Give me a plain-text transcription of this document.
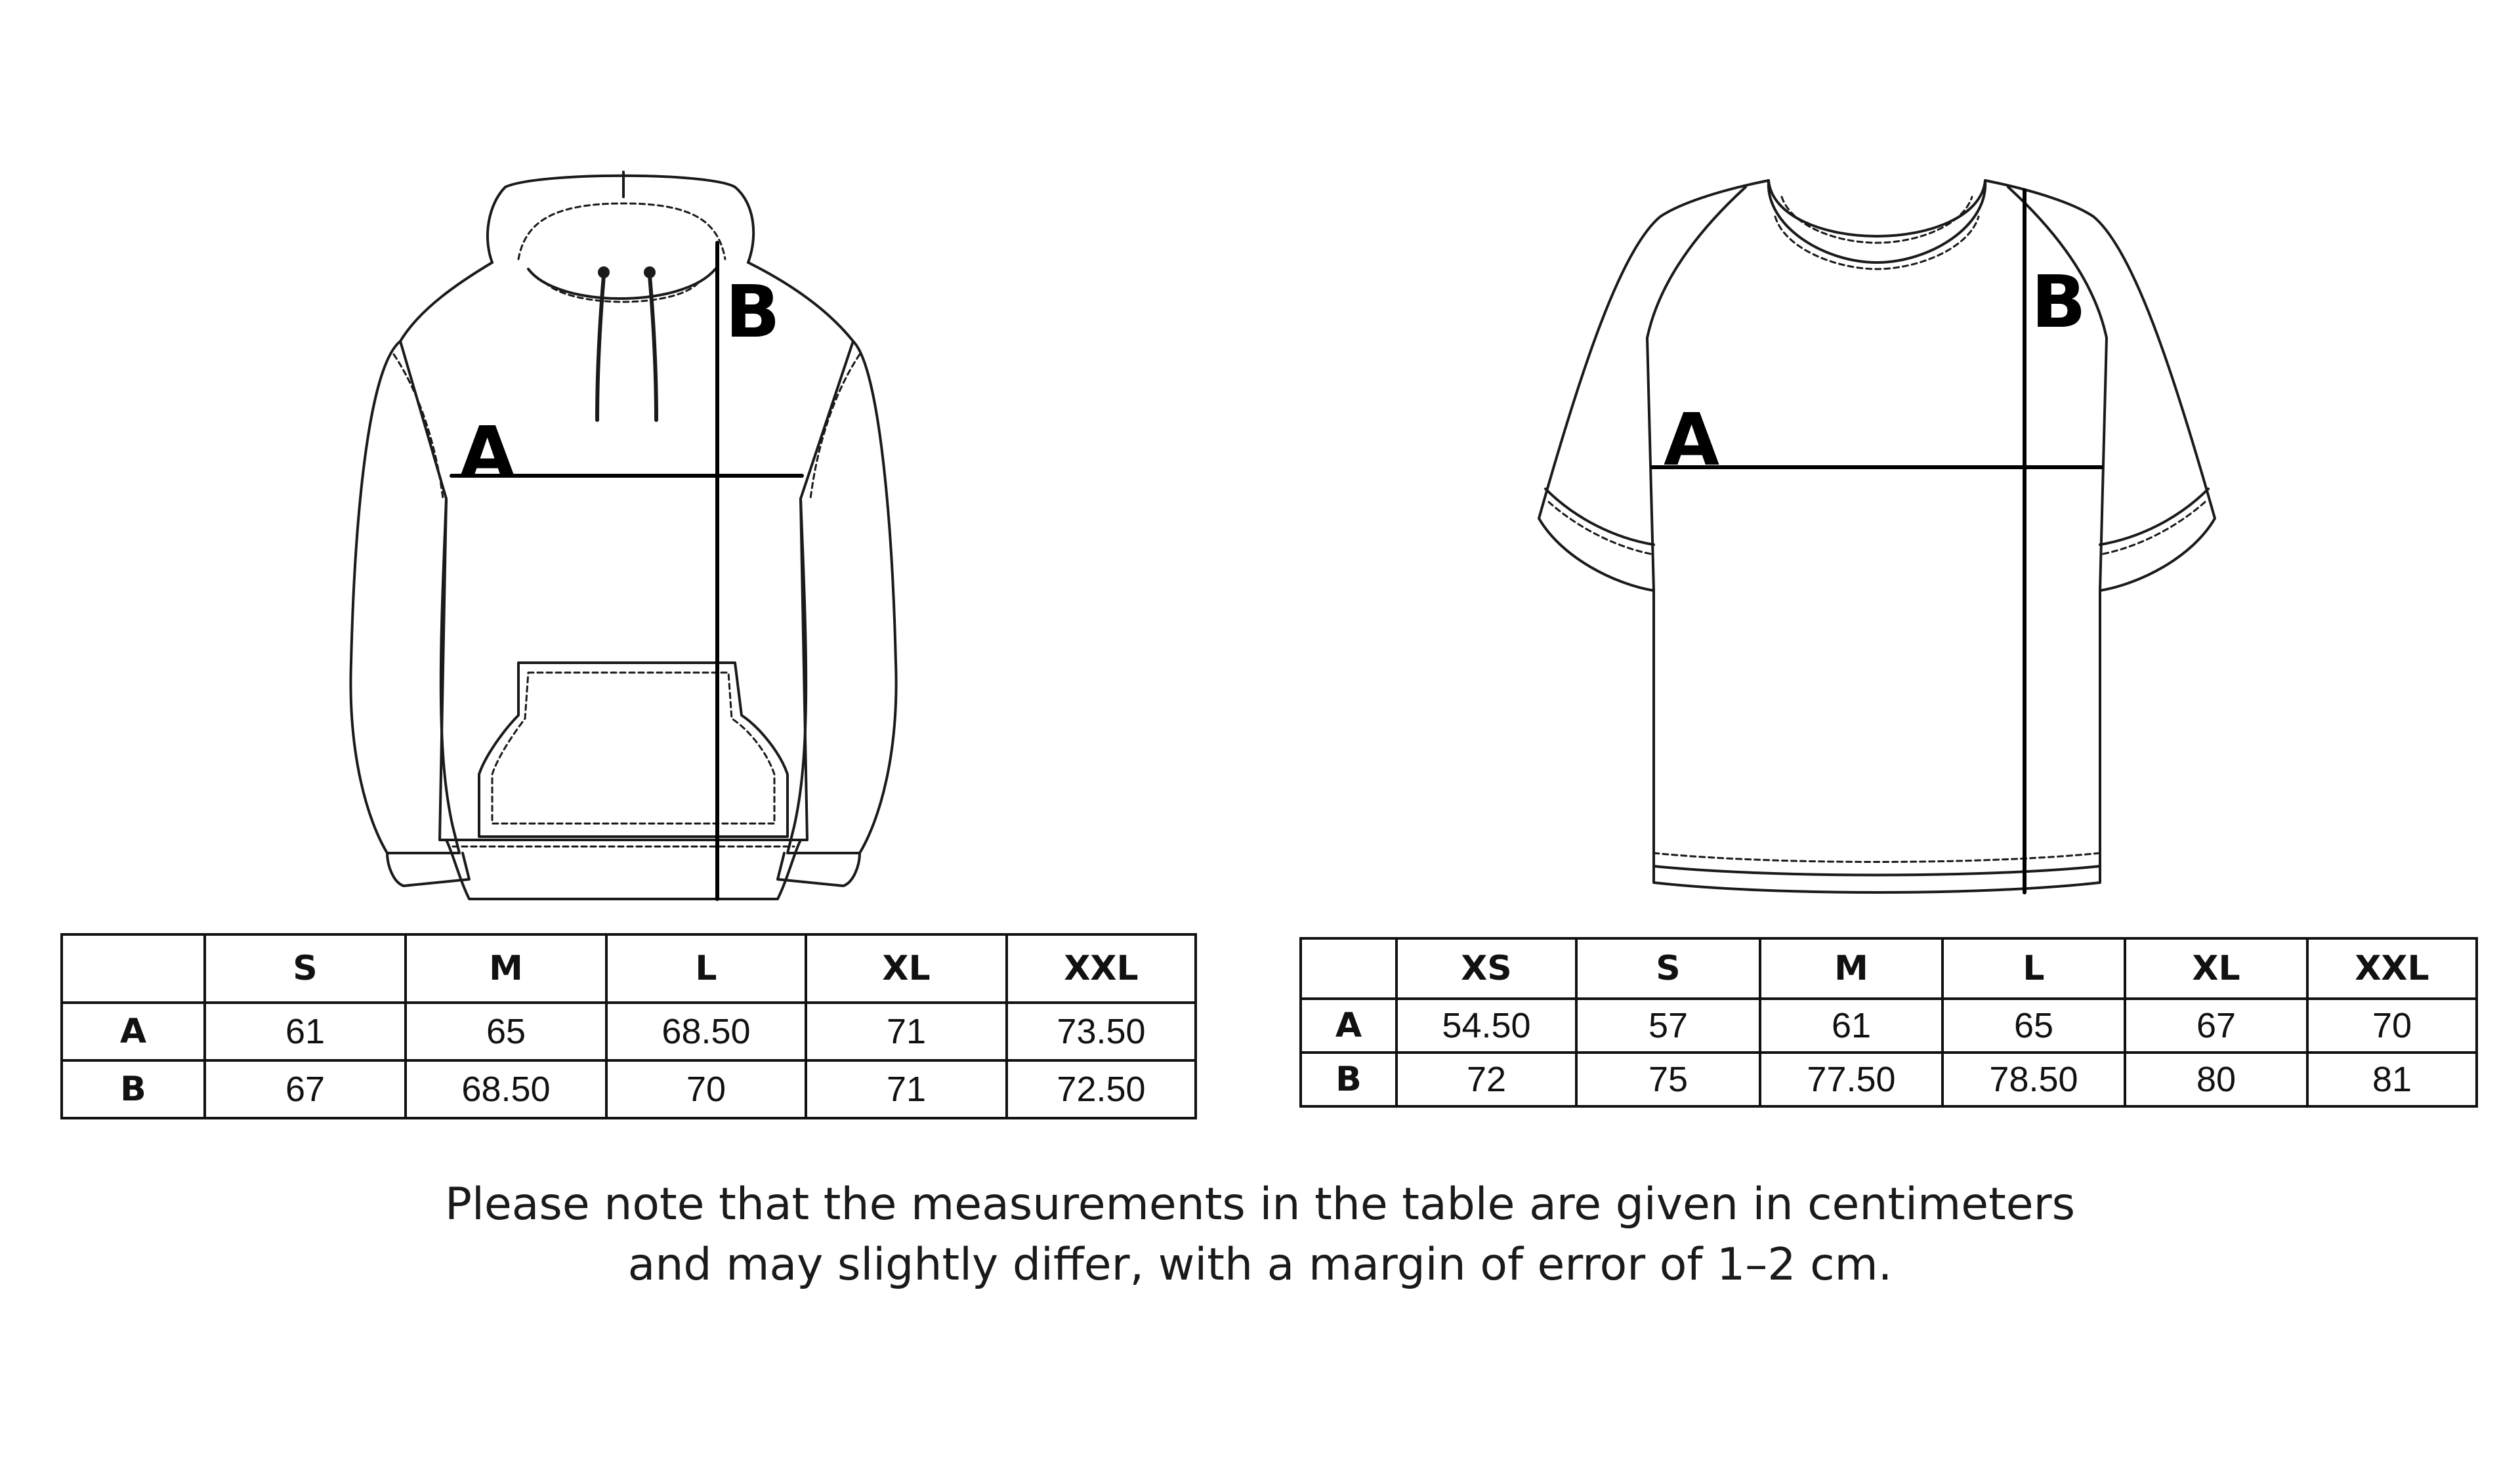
A
B
A
B
	S	M	L	XL	XXL
A	61	65	68.50	71	73.50
B	67	68.50	70	71	72.50
	XS	S	M	L	XL	XXL
A	54.50	57	61	65	67	70
B	72	75	77.50	78.50	80	81
Please note that the measurements in the table are given in centimeters
and may slightly differ, with a margin of error of 1–2 cm.
